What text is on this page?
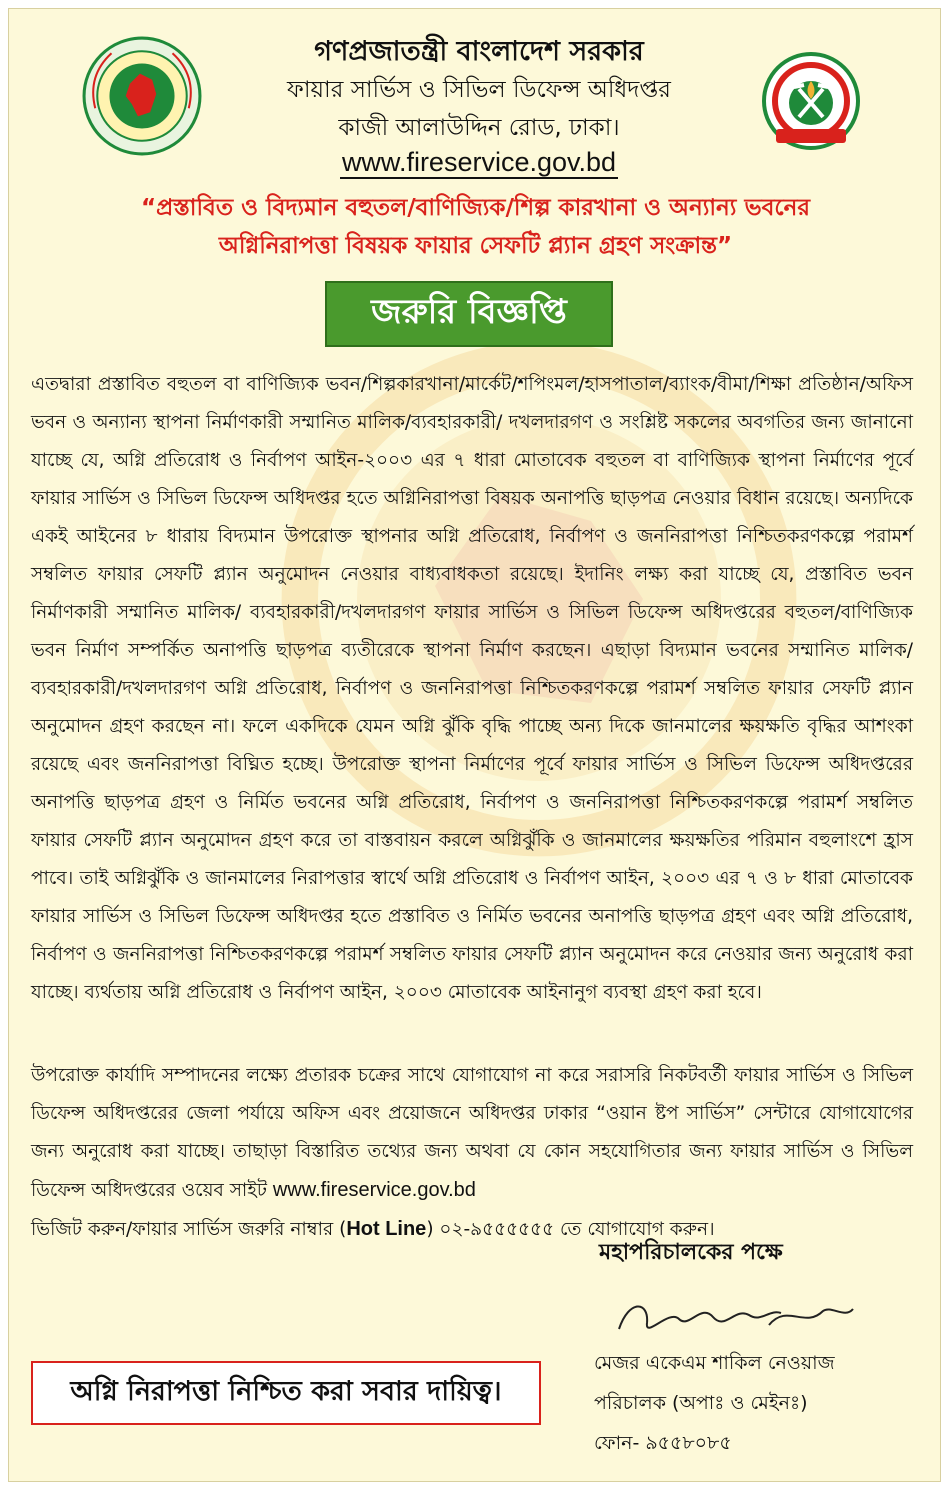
গণপ্রজাতন্ত্রী বাংলাদেশ সরকার
ফায়ার সার্ভিস ও সিভিল ডিফেন্স অধিদপ্তর
কাজী আলাউদ্দিন রোড, ঢাকা।
www.fireservice.gov.bd
“প্রস্তাবিত ও বিদ্যমান বহুতল/বাণিজ্যিক/শিল্প কারখানা ও অন্যান্য ভবনের
অগ্নিনিরাপত্তা বিষয়ক ফায়ার সেফটি প্ল্যান গ্রহণ সংক্রান্ত”
জরুরি বিজ্ঞপ্তি

এতদ্বারা প্রস্তাবিত বহুতল বা বাণিজ্যিক ভবন/শিল্পকারখানা/মার্কেট/শপিংমল/হাসপাতাল/ব্যাংক/বীমা/শিক্ষা প্রতিষ্ঠান/অফিস ভবন ও অন্যান্য স্থাপনা নির্মাণকারী সম্মানিত মালিক/ব্যবহারকারী/ দখলদারগণ ও সংশ্লিষ্ট সকলের অবগতির জন্য জানানো যাচ্ছে যে, অগ্নি প্রতিরোধ ও নির্বাপণ আইন-২০০৩ এর ৭ ধারা মোতাবেক বহুতল বা বাণিজ্যিক স্থাপনা নির্মাণের পূর্বে ফায়ার সার্ভিস ও সিভিল ডিফেন্স অধিদপ্তর হতে অগ্নিনিরাপত্তা বিষয়ক অনাপত্তি ছাড়পত্র নেওয়ার বিধান রয়েছে। অন্যদিকে একই আইনের ৮ ধারায় বিদ্যমান উপরোক্ত স্থাপনার অগ্নি প্রতিরোধ, নির্বাপণ ও জননিরাপত্তা নিশ্চিতকরণকল্পে পরামর্শ সম্বলিত ফায়ার সেফটি প্ল্যান অনুমোদন নেওয়ার বাধ্যবাধকতা রয়েছে। ইদানিং লক্ষ্য করা যাচ্ছে যে, প্রস্তাবিত ভবন নির্মাণকারী সম্মানিত মালিক/ ব্যবহারকারী/দখলদারগণ ফায়ার সার্ভিস ও সিভিল ডিফেন্স অধিদপ্তরের বহুতল/বাণিজ্যিক ভবন নির্মাণ সম্পর্কিত অনাপত্তি ছাড়পত্র ব্যতীরেকে স্থাপনা নির্মাণ করছেন। এছাড়া বিদ্যমান ভবনের সম্মানিত মালিক/ ব্যবহারকারী/দখলদারগণ অগ্নি প্রতিরোধ, নির্বাপণ ও জননিরাপত্তা নিশ্চিতকরণকল্পে পরামর্শ সম্বলিত ফায়ার সেফটি প্ল্যান অনুমোদন গ্রহণ করছেন না। ফলে একদিকে যেমন অগ্নি ঝুঁকি বৃদ্ধি পাচ্ছে অন্য দিকে জানমালের ক্ষয়ক্ষতি বৃদ্ধির আশংকা রয়েছে এবং জননিরাপত্তা বিঘ্নিত হচ্ছে। উপরোক্ত স্থাপনা নির্মাণের পূর্বে ফায়ার সার্ভিস ও সিভিল ডিফেন্স অধিদপ্তরের অনাপত্তি ছাড়পত্র গ্রহণ ও নির্মিত ভবনের অগ্নি প্রতিরোধ, নির্বাপণ ও জননিরাপত্তা নিশ্চিতকরণকল্পে পরামর্শ সম্বলিত ফায়ার সেফটি প্ল্যান অনুমোদন গ্রহণ করে তা বাস্তবায়ন করলে অগ্নিঝুঁকি ও জানমালের ক্ষয়ক্ষতির পরিমান বহুলাংশে হ্রাস পাবে। তাই অগ্নিঝুঁকি ও জানমালের নিরাপত্তার স্বার্থে অগ্নি প্রতিরোধ ও নির্বাপণ আইন, ২০০৩ এর ৭ ও ৮ ধারা মোতাবেক ফায়ার সার্ভিস ও সিভিল ডিফেন্স অধিদপ্তর হতে প্রস্তাবিত ও নির্মিত ভবনের অনাপত্তি ছাড়পত্র গ্রহণ এবং অগ্নি প্রতিরোধ, নির্বাপণ ও জননিরাপত্তা নিশ্চিতকরণকল্পে পরামর্শ সম্বলিত ফায়ার সেফটি প্ল্যান অনুমোদন করে নেওয়ার জন্য অনুরোধ করা যাচ্ছে। ব্যর্থতায় অগ্নি প্রতিরোধ ও নির্বাপণ আইন, ২০০৩ মোতাবেক আইনানুগ ব্যবস্থা গ্রহণ করা হবে।

উপরোক্ত কার্যাদি সম্পাদনের লক্ষ্যে প্রতারক চক্রের সাথে যোগাযোগ না করে সরাসরি নিকটবর্তী ফায়ার সার্ভিস ও সিভিল ডিফেন্স অধিদপ্তরের জেলা পর্যায়ে অফিস এবং প্রয়োজনে অধিদপ্তর ঢাকার “ওয়ান ষ্টপ সার্ভিস” সেন্টারে যোগাযোগের জন্য অনুরোধ করা যাচ্ছে। তাছাড়া বিস্তারিত তথ্যের জন্য অথবা যে কোন সহযোগিতার জন্য ফায়ার সার্ভিস ও সিভিল ডিফেন্স অধিদপ্তরের ওয়েব সাইট www.fireservice.gov.bd
ভিজিট করুন/ফায়ার সার্ভিস জরুরি নাম্বার (Hot Line) ০২-৯৫৫৫৫৫৫ তে যোগাযোগ করুন।

মহাপরিচালকের পক্ষে
মেজর একেএম শাকিল নেওয়াজ
পরিচালক (অপাঃ ও মেইনঃ)
ফোন- ৯৫৫৮০৮৫
অগ্নি নিরাপত্তা নিশ্চিত করা সবার দায়িত্ব।
